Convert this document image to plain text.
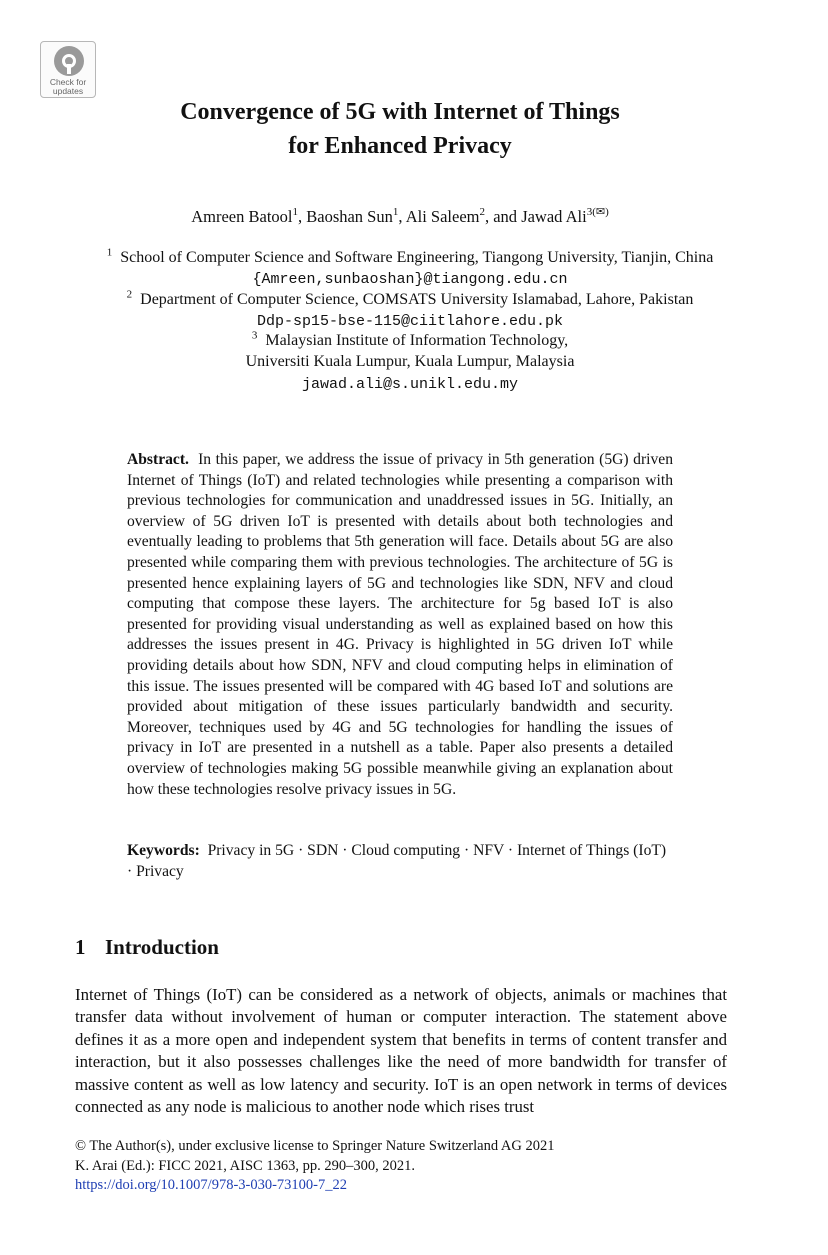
Check for
updates
Convergence of 5G with Internet of Things
for Enhanced Privacy
Amreen Batool$^1$, Baoshan Sun$^1$, Ali Saleem$^2$, and Jawad Ali$^{3(✉)}$
$^1$ School of Computer Science and Software Engineering, Tiangong University, Tianjin, China
{Amreen,sunbaoshan}@tiangong.edu.cn
$^2$ Department of Computer Science, COMSATS University Islamabad, Lahore, Pakistan
Ddp-sp15-bse-115@ciitlahore.edu.pk
$^3$ Malaysian Institute of Information Technology,
Universiti Kuala Lumpur, Kuala Lumpur, Malaysia
jawad.ali@s.unikl.edu.my
Abstract. In this paper, we address the issue of privacy in 5th generation (5G) driven Internet of Things (IoT) and related technologies while presenting a comparison with previous technologies for communication and unaddressed issues in 5G. Initially, an overview of 5G driven IoT is presented with details about both technologies and eventually leading to problems that 5th generation will face. Details about 5G are also presented while comparing them with previous technologies. The architecture of 5G is presented hence explaining layers of 5G and technologies like SDN, NFV and cloud computing that compose these layers. The architecture for 5g based IoT is also presented for providing visual understanding as well as explained based on how this addresses the issues present in 4G. Privacy is highlighted in 5G driven IoT while providing details about how SDN, NFV and cloud computing helps in elimination of this issue. The issues presented will be compared with 4G based IoT and solutions are provided about mitigation of these issues particularly bandwidth and security. Moreover, techniques used by 4G and 5G technologies for handling the issues of privacy in IoT are presented in a nutshell as a table. Paper also presents a detailed overview of technologies making 5G possible meanwhile giving an explanation about how these technologies resolve privacy issues in 5G.
Keywords: Privacy in 5G · SDN · Cloud computing · NFV · Internet of Things (IoT) · Privacy
1 Introduction
Internet of Things (IoT) can be considered as a network of objects, animals or machines that transfer data without involvement of human or computer interaction. The statement above defines it as a more open and independent system that benefits in terms of content transfer and interaction, but it also possesses challenges like the need of more bandwidth for transfer of massive content as well as low latency and security. IoT is an open network in terms of devices connected as any node is malicious to another node which rises trust
© The Author(s), under exclusive license to Springer Nature Switzerland AG 2021
K. Arai (Ed.): FICC 2021, AISC 1363, pp. 290–300, 2021.
https://doi.org/10.1007/978-3-030-73100-7_22
